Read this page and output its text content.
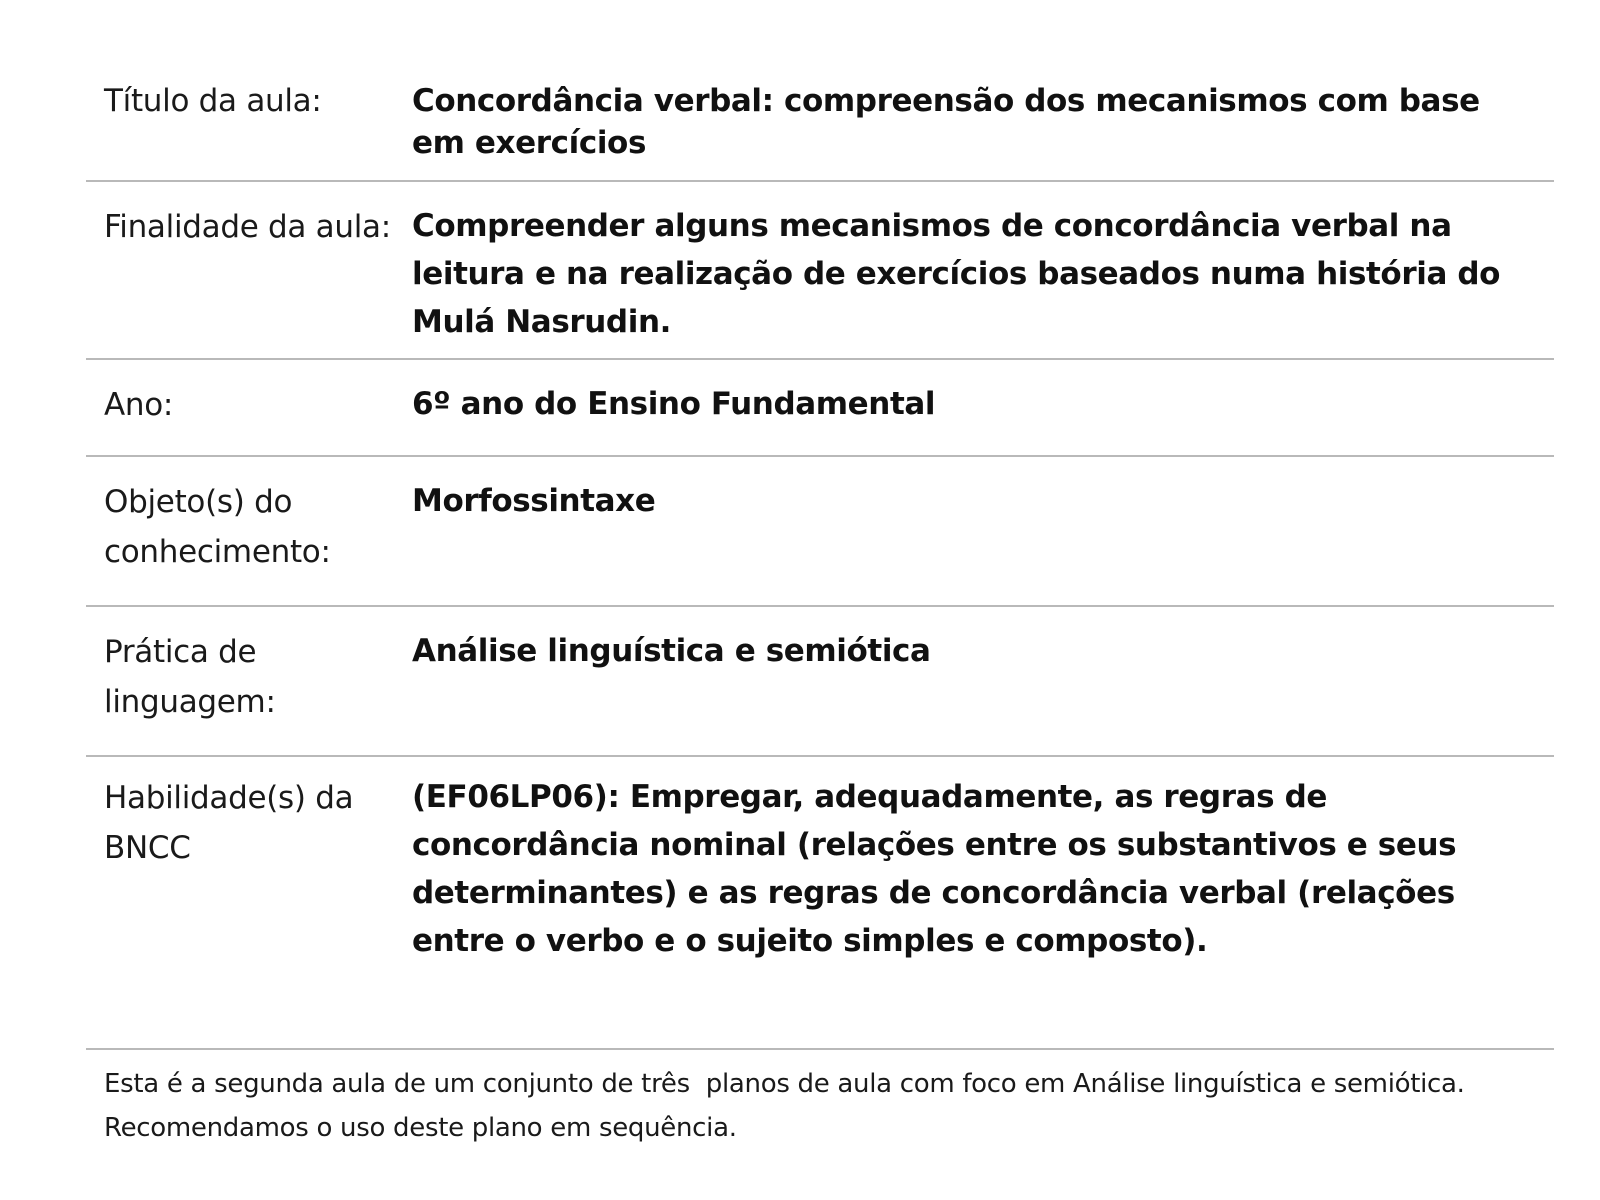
Título da aula:	Concordância verbal: compreensão dos mecanismos com base em exercícios
Finalidade da aula: Compreender alguns mecanismos de concordância verbal na leitura e na realização de exercícios baseados numa história do Mulá Nasrudin.
Ano:	6º ano do Ensino Fundamental
Objeto(s) do conhecimento:
Morfossintaxe
Prática de linguagem:
Análise linguística e semiótica
Habilidade(s) da BNCC
(EF06LP06): Empregar, adequadamente, as regras de concordância nominal (relações entre os substantivos e seus determinantes) e as regras de concordância verbal (relações entre o verbo e o sujeito simples e composto).
Esta é a segunda aula de um conjunto de três  planos de aula com foco em Análise linguística e semiótica. Recomendamos o uso deste plano em sequência.
